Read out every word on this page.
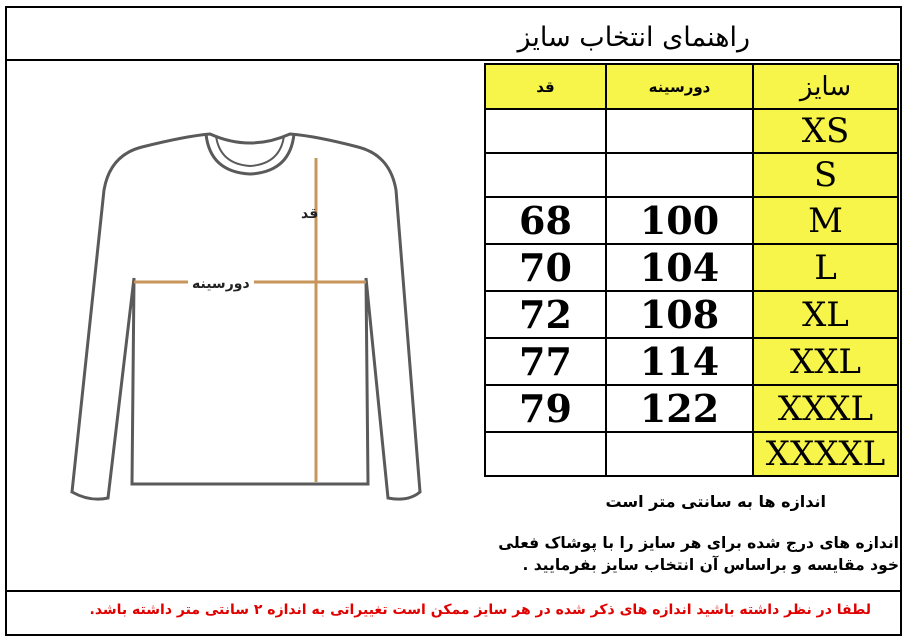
راهنمای انتخاب سایز
قد
دورسینه
قد	دورسینه	سایز
		XS
		S
68	100	M
70	104	L
72	108	XL
77	114	XXL
79	122	XXXL
		XXXXL
اندازه ها به سانتی متر است
اندازه های درج شده برای هر سایز را با پوشاک فعلی
خود مقایسه و براساس آن انتخاب سایز بفرمایید .
لطفا در نظر داشته باشید اندازه های ذکر شده در هر سایز ممکن است تغییراتی به اندازه ۲ سانتی متر داشته باشد.
